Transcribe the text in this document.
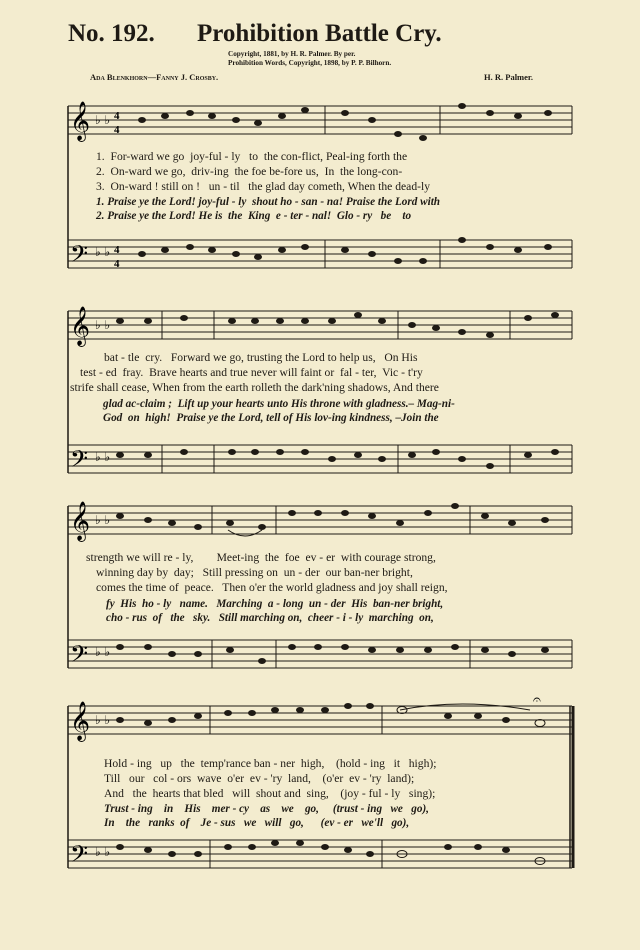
No. 192. Prohibition Battle Cry.
Copyright, 1881, by H. R. Palmer. By per.
Prohibition Words, Copyright, 1898, by P. P. Bilhorn.
Ada Blenkhorn—Fanny J. Crosby.	H. R. Palmer.
𝄞
𝄢
♭ ♭
♭ ♭
4
4
4
4
1.  For-ward we go  joy-ful - ly   to  the con-flict, Peal-ing forth the
2.  On-ward we go,  driv-ing  the foe be-fore us,  In  the long-con-
3.  On-ward ! still on !   un - til   the glad day cometh, When the dead-ly
1. Praise ye the Lord! joy-ful - ly  shout ho - san - na! Praise the Lord with
2. Praise ye the Lord! He is  the  King  e - ter - nal!  Glo - ry   be    to
𝄞
𝄢
♭ ♭
♭ ♭
bat - tle  cry.   Forward we go, trusting the Lord to help us,   On His
test - ed  fray.  Brave hearts and true never will faint or  fal - ter,  Vic - t'ry
strife shall cease, When from the earth rolleth the dark'ning shadows, And there
glad ac-claim ;  Lift up your hearts unto His throne with gladness.– Mag-ni-
God  on  high!  Praise ye the Lord, tell of His lov-ing kindness, –Join the
𝄞
𝄢
♭ ♭
♭ ♭
strength we will re - ly,        Meet-ing  the  foe  ev - er  with courage strong,
winning day by  day;   Still pressing on  un - der  our ban-ner bright,
comes the time of  peace.   Then o'er the world gladness and joy shall reign,
fy  His  ho - ly   name.   Marching  a - long  un - der  His  ban-ner bright,
cho - rus  of   the   sky.   Still marching on,  cheer - i - ly  marching  on,
𝄞
𝄢
♭ ♭
♭ ♭
𝄐
Hold - ing   up   the  temp'rance ban - ner  high,    (hold - ing   it   high);
Till   our   col - ors  wave  o'er  ev - 'ry  land,    (o'er  ev - 'ry  land);
And   the  hearts that bled   will  shout and  sing,    (joy - ful - ly   sing);
Trust - ing    in    His    mer - cy    as    we    go,     (trust - ing   we   go),
In    the   ranks  of    Je - sus   we   will   go,      (ev - er   we'll   go),
